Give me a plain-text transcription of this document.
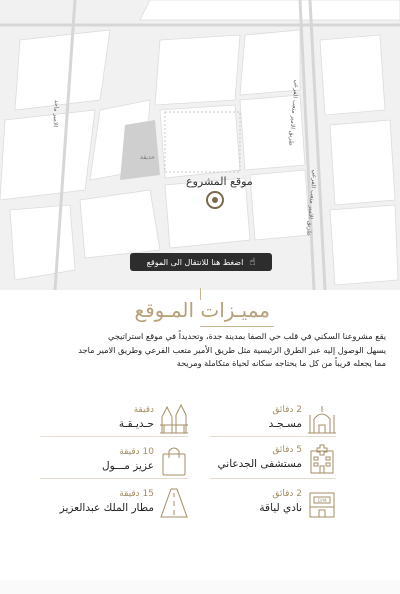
الامير ماجد	طريق الامير متعب الفرعي
طريق الامير متعب الفرعي
حديقة
موقع المشروع
☝
اضغط هنا للانتقال الى الموقع
مميـزات المـوقع
يقع مشروعنا السكني في قلب حي الصفا بمدينة جدة، وتحديداً في موقع استراتيجي
يسهل الوصول إليه عبر الطرق الرئيسية مثل طريق الأمير متعب الفرعي وطريق الامير ماجد
مما يجعله قريباً من كل ما يحتاجه سكانه لحياة متكاملة ومريحة
2 دقائق
مسـجـد
5 دقائق
مستشفى الجدعاني
GYM
2 دقائق
نادي لياقة
دقيقة
حـديـقـة
10 دقيقة
عزيز مـــول
15 دقيقة
مطار الملك عبدالعزيز
